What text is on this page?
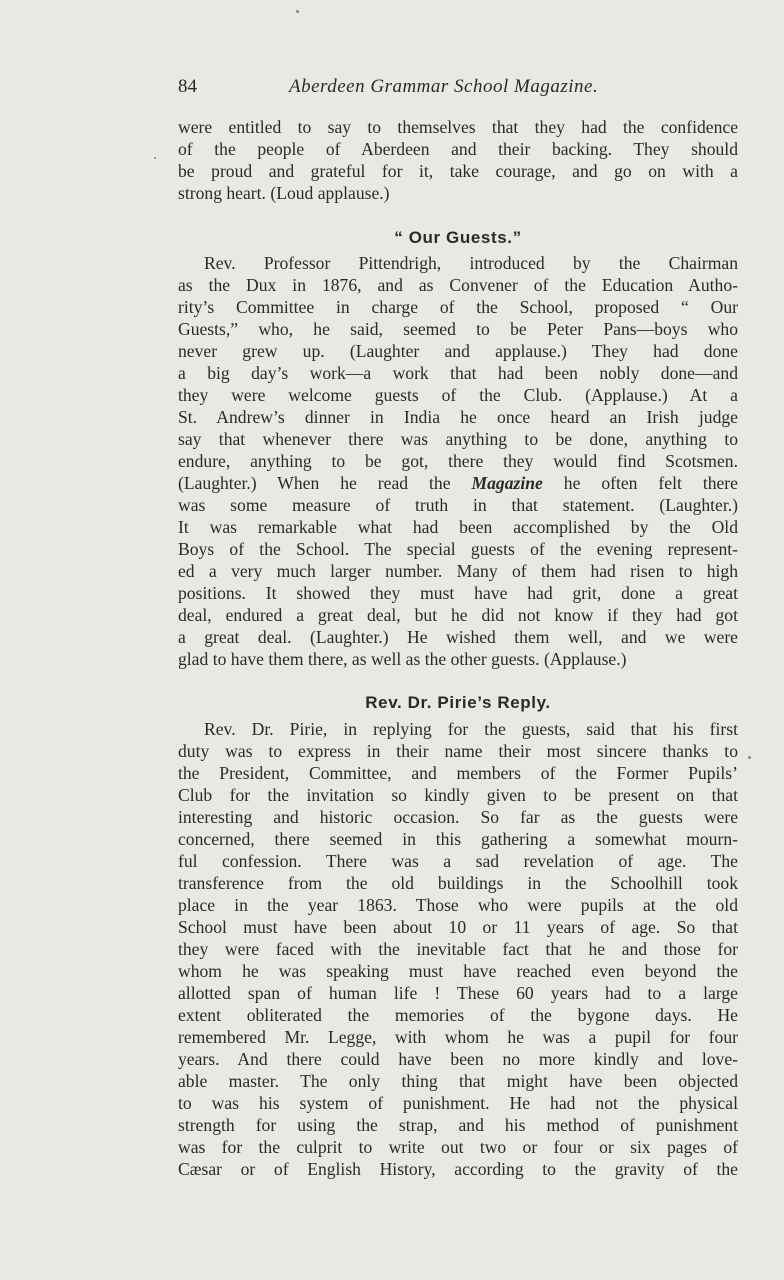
84	Aberdeen Grammar School Magazine.
were entitled to say to themselves that they had the confidence
of the people of Aberdeen and their backing. They should
be proud and grateful for it, take courage, and go on with a
strong heart. (Loud applause.)
“ Our Guests.”
Rev. Professor Pittendrigh, introduced by the Chairman
as the Dux in 1876, and as Convener of the Education Autho-
rity’s Committee in charge of the School, proposed “ Our
Guests,” who, he said, seemed to be Peter Pans—boys who
never grew up. (Laughter and applause.) They had done
a big day’s work—a work that had been nobly done—and
they were welcome guests of the Club. (Applause.) At a
St. Andrew’s dinner in India he once heard an Irish judge
say that whenever there was anything to be done, anything to
endure, anything to be got, there they would find Scotsmen.
(Laughter.) When he read the Magazine he often felt there
was some measure of truth in that statement. (Laughter.)
It was remarkable what had been accomplished by the Old
Boys of the School. The special guests of the evening represent-
ed a very much larger number. Many of them had risen to high
positions. It showed they must have had grit, done a great
deal, endured a great deal, but he did not know if they had got
a great deal. (Laughter.) He wished them well, and we were
glad to have them there, as well as the other guests. (Applause.)
Rev. Dr. Pirie’s Reply.
Rev. Dr. Pirie, in replying for the guests, said that his first
duty was to express in their name their most sincere thanks to
the President, Committee, and members of the Former Pupils’
Club for the invitation so kindly given to be present on that
interesting and historic occasion. So far as the guests were
concerned, there seemed in this gathering a somewhat mourn-
ful confession. There was a sad revelation of age. The
transference from the old buildings in the Schoolhill took
place in the year 1863. Those who were pupils at the old
School must have been about 10 or 11 years of age. So that
they were faced with the inevitable fact that he and those for
whom he was speaking must have reached even beyond the
allotted span of human life ! These 60 years had to a large
extent obliterated the memories of the bygone days. He
remembered Mr. Legge, with whom he was a pupil for four
years. And there could have been no more kindly and love-
able master. The only thing that might have been objected
to was his system of punishment. He had not the physical
strength for using the strap, and his method of punishment
was for the culprit to write out two or four or six pages of
Cæsar or of English History, according to the gravity of the
